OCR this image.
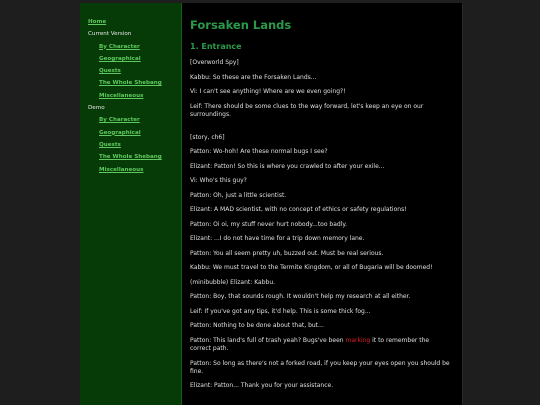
Home
Current Version
By Character
Geographical
Quests
The Whole Shebang
Miscellaneous
Demo
By Character
Geographical
Quests
The Whole Shebang
Miscellaneous
Forsaken Lands
1. Entrance

[Overworld Spy]

Kabbu: So these are the Forsaken Lands...

Vi: I can't see anything! Where are we even going?!

Leif: There should be some clues to the way forward, let's keep an eye on our surroundings.

[story, ch6]

Patton: Wo-hoh! Are these normal bugs I see?

Elizant: Patton! So this is where you crawled to after your exile...

Vi: Who's this guy?

Patton: Oh, just a little scientist.

Elizant: A MAD scientist, with no concept of ethics or safety regulations!

Patton: Oi oi, my stuff never hurt nobody...too badly.

Elizant: ...I do not have time for a trip down memory lane.

Patton: You all seem pretty uh, buzzed out. Must be real serious.

Kabbu: We must travel to the Termite Kingdom, or all of Bugaria will be doomed!

(minibubble) Elizant: Kabbu.

Patton: Boy, that sounds rough. It wouldn't help my research at all either.

Leif: If you've got any tips, it'd help. This is some thick fog...

Patton: Nothing to be done about that, but...

Patton: This land's full of trash yeah? Bugs've been marking it to remember the correct path.

Patton: So long as there's not a forked road, if you keep your eyes open you should be fine.

Elizant: Patton... Thank you for your assistance.
